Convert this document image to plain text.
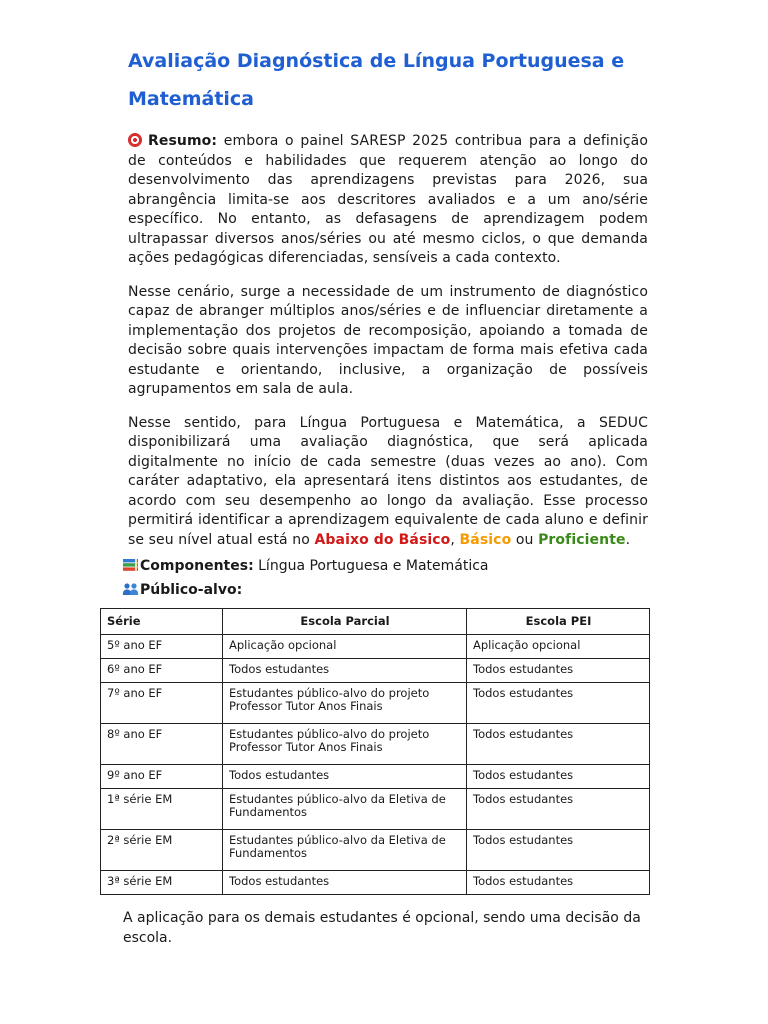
Avaliação Diagnóstica de Língua Portuguesa e Matemática

Resumo: embora o painel SARESP 2025 contribua para a definição de conteúdos e habilidades que requerem atenção ao longo do desenvolvimento das aprendizagens previstas para 2026, sua abrangência limita-se aos descritores avaliados e a um ano/série específico. No entanto, as defasagens de aprendizagem podem ultrapassar diversos anos/séries ou até mesmo ciclos, o que demanda ações pedagógicas diferenciadas, sensíveis a cada contexto.

Nesse cenário, surge a necessidade de um instrumento de diagnóstico capaz de abranger múltiplos anos/séries e de influenciar diretamente a implementação dos projetos de recomposição, apoiando a tomada de decisão sobre quais intervenções impactam de forma mais efetiva cada estudante e orientando, inclusive, a organização de possíveis agrupamentos em sala de aula.

Nesse sentido, para Língua Portuguesa e Matemática, a SEDUC disponibilizará uma avaliação diagnóstica, que será aplicada digitalmente no início de cada semestre (duas vezes ao ano). Com caráter adaptativo, ela apresentará itens distintos aos estudantes, de acordo com seu desempenho ao longo da avaliação. Esse processo permitirá identificar a aprendizagem equivalente de cada aluno e definir se seu nível atual está no Abaixo do Básico, Básico ou Proficiente.

Componentes: Língua Portuguesa e Matemática
Público-alvo:
Série	Escola Parcial	Escola PEI
5º ano EF	Aplicação opcional	Aplicação opcional
6º ano EF	Todos estudantes	Todos estudantes
7º ano EF	Estudantes público-alvo do projeto Professor Tutor Anos Finais	Todos estudantes
8º ano EF	Estudantes público-alvo do projeto Professor Tutor Anos Finais	Todos estudantes
9º ano EF	Todos estudantes	Todos estudantes
1ª série EM	Estudantes público-alvo da Eletiva de Fundamentos	Todos estudantes
2ª série EM	Estudantes público-alvo da Eletiva de Fundamentos	Todos estudantes
3ª série EM	Todos estudantes	Todos estudantes

A aplicação para os demais estudantes é opcional, sendo uma decisão da escola.
